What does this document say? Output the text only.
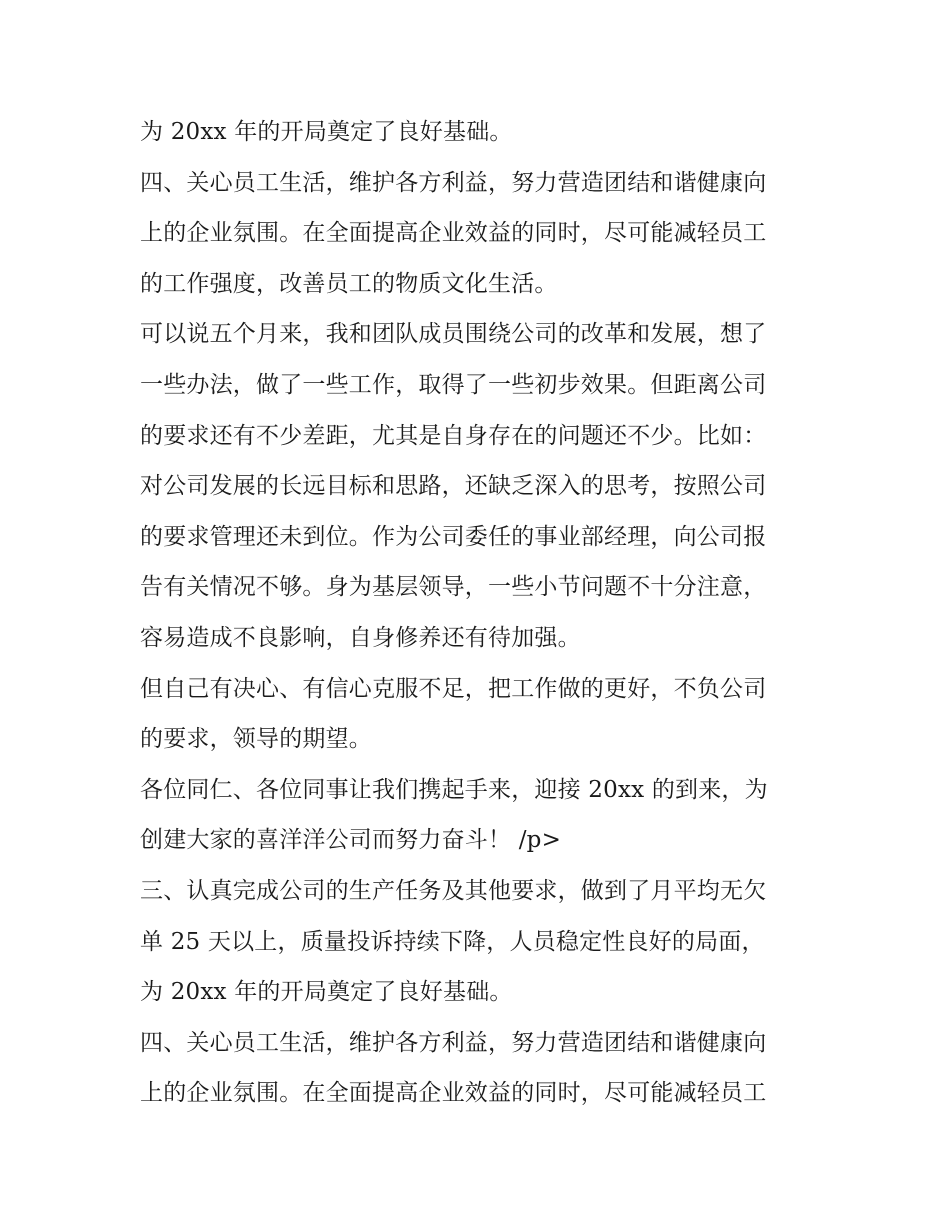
为 20xx 年的开局奠定了良好基础。
四、关心员工生活，维护各方利益，努力营造团结和谐健康向
上的企业氛围。在全面提高企业效益的同时，尽可能减轻员工
的工作强度，改善员工的物质文化生活。
可以说五个月来，我和团队成员围绕公司的改革和发展，想了
一些办法，做了一些工作，取得了一些初步效果。但距离公司
的要求还有不少差距，尤其是自身存在的问题还不少。比如：
对公司发展的长远目标和思路，还缺乏深入的思考，按照公司
的要求管理还未到位。作为公司委任的事业部经理，向公司报
告有关情况不够。身为基层领导，一些小节问题不十分注意，
容易造成不良影响，自身修养还有待加强。
但自己有决心、有信心克服不足，把工作做的更好，不负公司
的要求，领导的期望。
各位同仁、各位同事让我们携起手来，迎接 20xx 的到来，为
创建大家的喜洋洋公司而努力奋斗！ /p>
三、认真完成公司的生产任务及其他要求，做到了月平均无欠
单 25 天以上，质量投诉持续下降，人员稳定性良好的局面，
为 20xx 年的开局奠定了良好基础。
四、关心员工生活，维护各方利益，努力营造团结和谐健康向
上的企业氛围。在全面提高企业效益的同时，尽可能减轻员工
